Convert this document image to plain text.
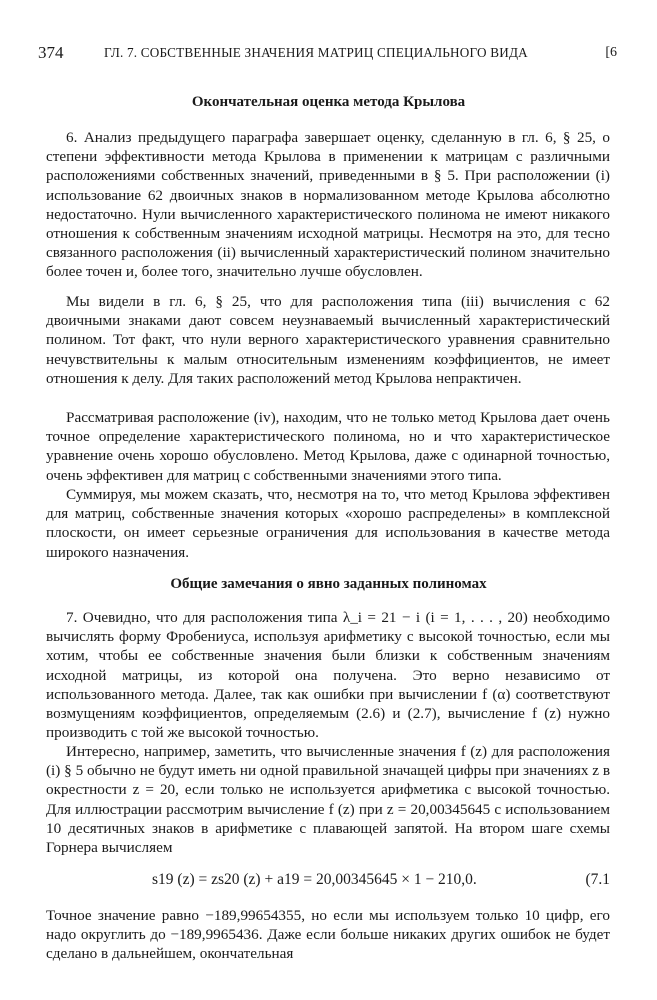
374	ГЛ. 7. СОБСТВЕННЫЕ ЗНАЧЕНИЯ МАТРИЦ СПЕЦИАЛЬНОГО ВИДА	[6
Окончательная оценка метода Крылова

6. Анализ предыдущего параграфа завершает оценку, сделанную в гл. 6, § 25, о степени эффективности метода Крылова в применении к матрицам с различными расположениями собственных значений, приведенными в § 5. При расположении (i) использование 62 двоичных знаков в нормализованном методе Крылова абсолютно недостаточно. Нули вычисленного характеристического полинома не имеют никакого отношения к собственным значениям исходной матрицы. Несмотря на это, для тесно связанного расположения (ii) вычисленный характеристический полином значительно более точен и, более того, значительно лучше обусловлен.

Мы видели в гл. 6, § 25, что для расположения типа (iii) вычисления с 62 двоичными знаками дают совсем неузнаваемый вычисленный характеристический полином. Тот факт, что нули верного характеристического уравнения сравнительно нечувствительны к малым относительным изменениям коэффициентов, не имеет отношения к делу. Для таких расположений метод Крылова непрактичен.

Рассматривая расположение (iv), находим, что не только метод Крылова дает очень точное определение характеристического полинома, но и что характеристическое уравнение очень хорошо обусловлено. Метод Крылова, даже с одинарной точностью, очень эффективен для матриц с собственными значениями этого типа.

Суммируя, мы можем сказать, что, несмотря на то, что метод Крылова эффективен для матриц, собственные значения которых «хорошо распределены» в комплексной плоскости, он имеет серьезные ограничения для использования в качестве метода широкого назначения.

Общие замечания о явно заданных полиномах

7. Очевидно, что для расположения типа λ_i = 21 − i (i = 1, . . . , 20) необходимо вычислять форму Фробениуса, используя арифметику с высокой точностью, если мы хотим, чтобы ее собственные значения были близки к собственным значениям исходной матрицы, из которой она получена. Это верно независимо от использованного метода. Далее, так как ошибки при вычислении f (α) соответствуют возмущениям коэффициентов, определяемым (2.6) и (2.7), вычисление f (z) нужно производить с той же высокой точностью.

Интересно, например, заметить, что вычисленные значения f (z) для расположения (i) § 5 обычно не будут иметь ни одной правильной значащей цифры при значениях z в окрестности z = 20, если только не используется арифметика с высокой точностью. Для иллюстрации рассмотрим вычисление f (z) при z = 20,00345645 с использованием 10 десятичных знаков в арифметике с плавающей запятой. На втором шаге схемы Горнера вычисляем

s19 (z) = zs20 (z) + a19 = 20,00345645 × 1 − 210,0.	(7.1

Точное значение равно −189,99654355, но если мы используем только 10 цифр, его надо округлить до −189,9965436. Даже если больше никаких других ошибок не будет сделано в дальнейшем, окончательная
